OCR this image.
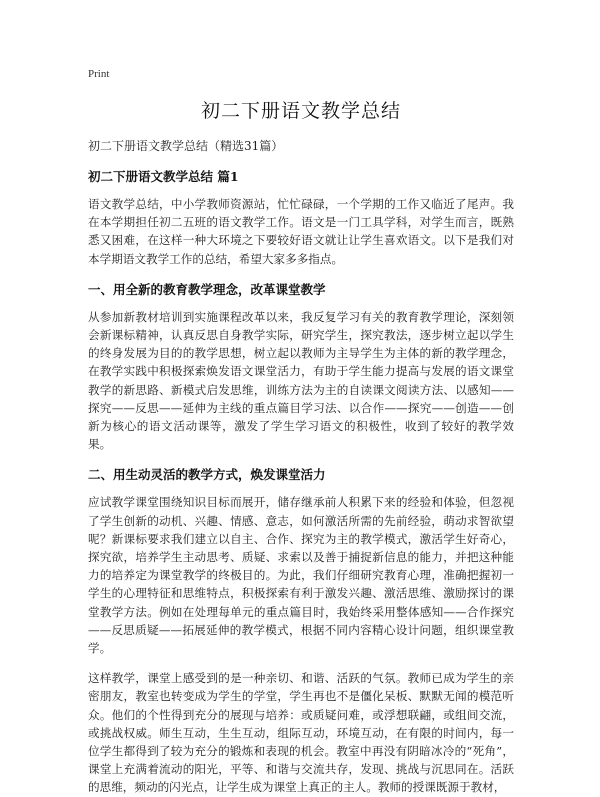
Print
初二下册语文教学总结
初二下册语文教学总结（精选31篇）
初二下册语文教学总结 篇1

语文教学总结，中小学教师资源站，忙忙碌碌，一个学期的工作又临近了尾声。我在本学期担任初二五班的语文教学工作。语文是一门工具学科，对学生而言，既熟悉又困难，在这样一种大环境之下要较好语文就让让学生喜欢语文。以下是我们对本学期语文教学工作的总结，希望大家多多指点。

一、用全新的教育教学理念，改革课堂教学

从参加新教材培训到实施课程改革以来，我反复学习有关的教育教学理论，深刻领会新课标精神，认真反思自身教学实际，研究学生，探究教法，逐步树立起以学生的终身发展为目的的教学思想，树立起以教师为主导学生为主体的新的教学理念，在教学实践中积极探索焕发语文课堂活力，有助于学生能力提高与发展的语文课堂教学的新思路、新模式启发思维，训练方法为主的自读课文阅读方法、以感知——探究——反思——延伸为主线的重点篇目学习法、以合作——探究——创造——创新为核心的语文活动课等，激发了学生学习语文的积极性，收到了较好的教学效果。

二、用生动灵活的教学方式，焕发课堂活力

应试教学课堂围绕知识目标而展开，储存继承前人积累下来的经验和体验，但忽视了学生创新的动机、兴趣、情感、意志，如何激活所需的先前经验，萌动求智欲望呢？新课标要求我们建立以自主、合作、探究为主的教学模式，激活学生好奇心，探究欲，培养学生主动思考、质疑、求索以及善于捕捉新信息的能力，并把这种能力的培养定为课堂教学的终极目的。为此，我们仔细研究教育心理，准确把握初一学生的心理特征和思维特点，积极探索有利于激发兴趣、激活思维、激励探讨的课堂教学方法。例如在处理每单元的重点篇目时，我始终采用整体感知——合作探究——反思质疑——拓展延伸的教学模式，根据不同内容精心设计问题，组织课堂教学。

这样教学，课堂上感受到的是一种亲切、和谐、活跃的气氛。教师已成为学生的亲密朋友，教室也转变成为学生的学堂，学生再也不是僵化呆板、默默无闻的模范听众。他们的个性得到充分的展现与培养：或质疑问难，或浮想联翩，或组间交流，或挑战权威。师生互动，生生互动，组际互动，环境互动，在有限的时间内，每一位学生都得到了较为充分的锻炼和表现的机会。教室中再没有阴暗冰冷的“死角”，课堂上充满着流动的阳光，平等、和谐与交流共存，发现、挑战与沉思同在。活跃的思维，频动的闪光点，让学生成为课堂上真正的主人。教师的授课既源于教材，
